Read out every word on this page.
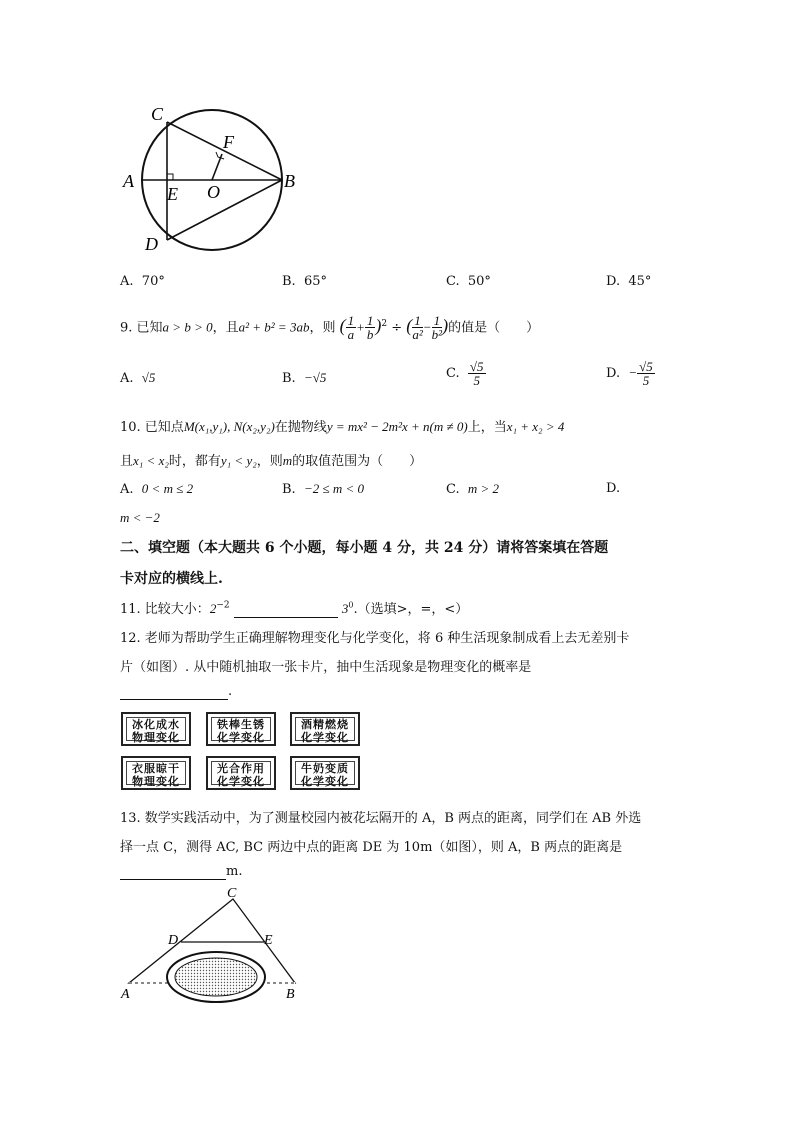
C
F
A
E O
B
D
A. 70°	B. 65°	C. 50°	D. 45°
9. 已知a > b > 0，且a² + b² = 3ab，则 ( $\frac{1}{a} + \frac{1}{b} )^2$ ÷ ( $\frac{1}{\text{a²}} - \frac{1}{\text{b²}}$ )的值是（　　）
A. √5	B. −√5	C. $\frac{√5}{5}$	D. − $\frac{√5}{5}$
10. 已知点M(x₁,y₁), N(x₂,y₂)在抛物线y = mx² − 2m²x + n(m ≠ 0)上，当x₁ + x₂ > 4
且x₁ < x₂时，都有y₁ < y₂，则m的取值范围为（　　）
A. 0 < m ≤ 2	B. −2 ≤ m < 0	C. m > 2	D.
m < −2
二、填空题（本大题共 6 个小题，每小题 4 分，共 24 分）请将答案填在答题
卡对应的横线上.
11. 比较大小：$2^{-2}$	$3^0$.（选填>，=，<）
12. 老师为帮助学生正确理解物理变化与化学变化，将 6 种生活现象制成看上去无差别卡
片（如图）. 从中随机抽取一张卡片，抽中生活现象是物理变化的概率是
.
冰化成水
物理变化
铁棒生锈
化学变化
酒精燃烧
化学变化
衣服晾干
物理变化
光合作用
化学变化
牛奶变质
化学变化
13. 数学实践活动中，为了测量校园内被花坛隔开的 A，B 两点的距离，同学们在 AB 外选
择一点 C，测得 AC, BC 两边中点的距离 DE 为 10m（如图），则 A，B 两点的距离是
m.
C
D	E
A	B
